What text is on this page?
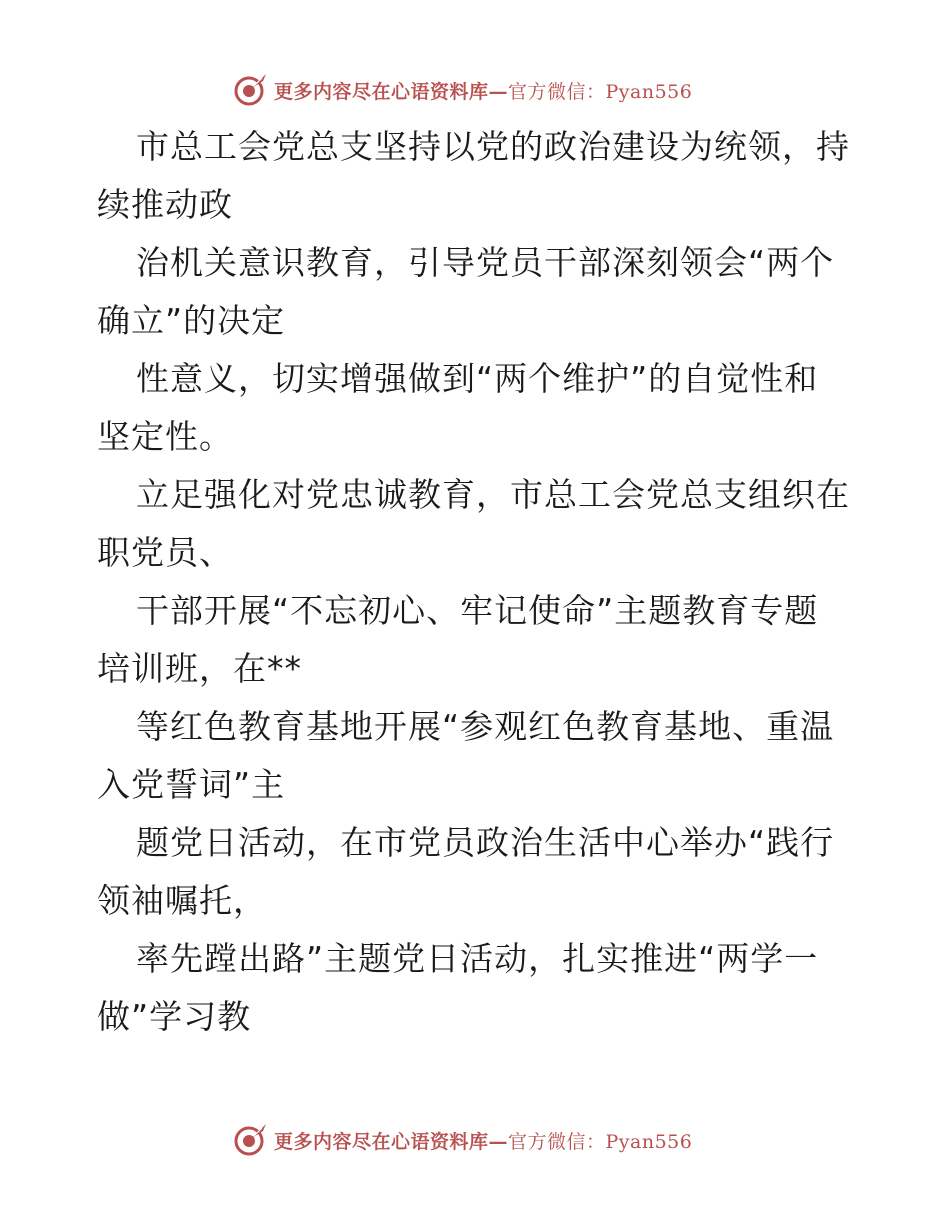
更多内容尽在心语资料库—官方微信：Pyan556
市总工会党总支坚持以党的政治建设为统领，持
续推动政
治机关意识教育，引导党员干部深刻领会“两个
确立”的决定
性意义，切实增强做到“两个维护”的自觉性和
坚定性。
立足强化对党忠诚教育，市总工会党总支组织在
职党员、
干部开展“不忘初心、牢记使命”主题教育专题
培训班，在**
等红色教育基地开展“参观红色教育基地、重温
入党誓词”主
题党日活动，在市党员政治生活中心举办“践行
领袖嘱托，
率先蹚出路”主题党日活动，扎实推进“两学一
做”学习教
更多内容尽在心语资料库—官方微信：Pyan556
